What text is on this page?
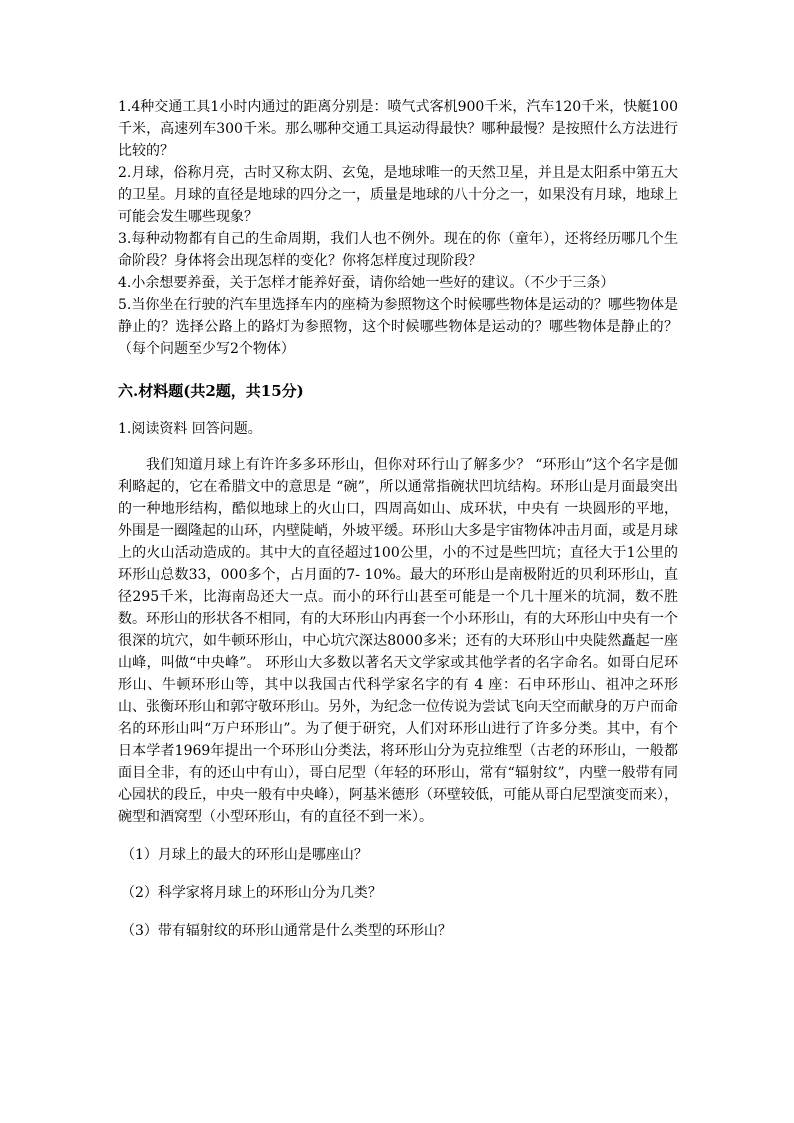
1.4种交通工具1小时内通过的距离分别是：喷气式客机900千米，汽车120千米，快艇100千米，高速列车300千米。那么哪种交通工具运动得最快？哪种最慢？是按照什么方法进行比较的？

2.月球，俗称月亮，古时又称太阴、玄兔，是地球唯一的天然卫星，并且是太阳系中第五大的卫星。月球的直径是地球的四分之一，质量是地球的八十分之一，如果没有月球，地球上可能会发生哪些现象？

3.每种动物都有自己的生命周期，我们人也不例外。现在的你（童年），还将经历哪几个生命阶段？身体将会出现怎样的变化？你将怎样度过现阶段？

4.小余想要养蚕，关于怎样才能养好蚕，请你给她一些好的建议。（不少于三条）

5.当你坐在行驶的汽车里选择车内的座椅为参照物这个时候哪些物体是运动的？哪些物体是静止的？选择公路上的路灯为参照物，这个时候哪些物体是运动的？哪些物体是静止的？（每个问题至少写2个物体）

六.材料题(共2题，共15分)
1.阅读资料 回答问题。

我们知道月球上有许许多多环形山，但你对环行山了解多少？ “环形山”这个名字是伽利略起的，它在希腊文中的意思是 “碗”，所以通常指碗状凹坑结构。环形山是月面最突出的一种地形结构，酷似地球上的火山口，四周高如山、成环状，中央有 一块圆形的平地，外围是一圈隆起的山环，内壁陡峭，外坡平缓。环形山大多是宇宙物体冲击月面，或是月球上的火山活动造成的。其中大的直径超过100公里，小的不过是些凹坑；直径大于1公里的环形山总数33，000多个，占月面的7- 10%。最大的环形山是南极附近的贝利环形山，直径295千米，比海南岛还大一点。而小的环行山甚至可能是一个几十厘米的坑洞，数不胜数。环形山的形状各不相同，有的大环形山内再套一个小环形山，有的大环形山中央有一个很深的坑穴，如牛顿环形山，中心坑穴深达8000多米；还有的大环形山中央陡然矗起一座山峰，叫做“中央峰”。 环形山大多数以著名天文学家或其他学者的名字命名。如哥白尼环形山、牛顿环形山等，其中以我国古代科学家名字的有 4 座：石申环形山、祖冲之环形山、张衡环形山和郭守敬环形山。另外，为纪念一位传说为尝试飞向天空而献身的万户而命名的环形山叫“万户环形山”。为了便于研究，人们对环形山进行了许多分类。其中，有个日本学者1969年提出一个环形山分类法，将环形山分为克拉维型（古老的环形山，一般都面目全非，有的还山中有山），哥白尼型（年轻的环形山，常有“辐射纹”，内壁一般带有同心园状的段丘，中央一般有中央峰），阿基米德形（环壁较低，可能从哥白尼型演变而来），碗型和酒窝型（小型环形山，有的直径不到一米）。

（1）月球上的最大的环形山是哪座山？
（2）科学家将月球上的环形山分为几类？
（3）带有辐射纹的环形山通常是什么类型的环形山？
